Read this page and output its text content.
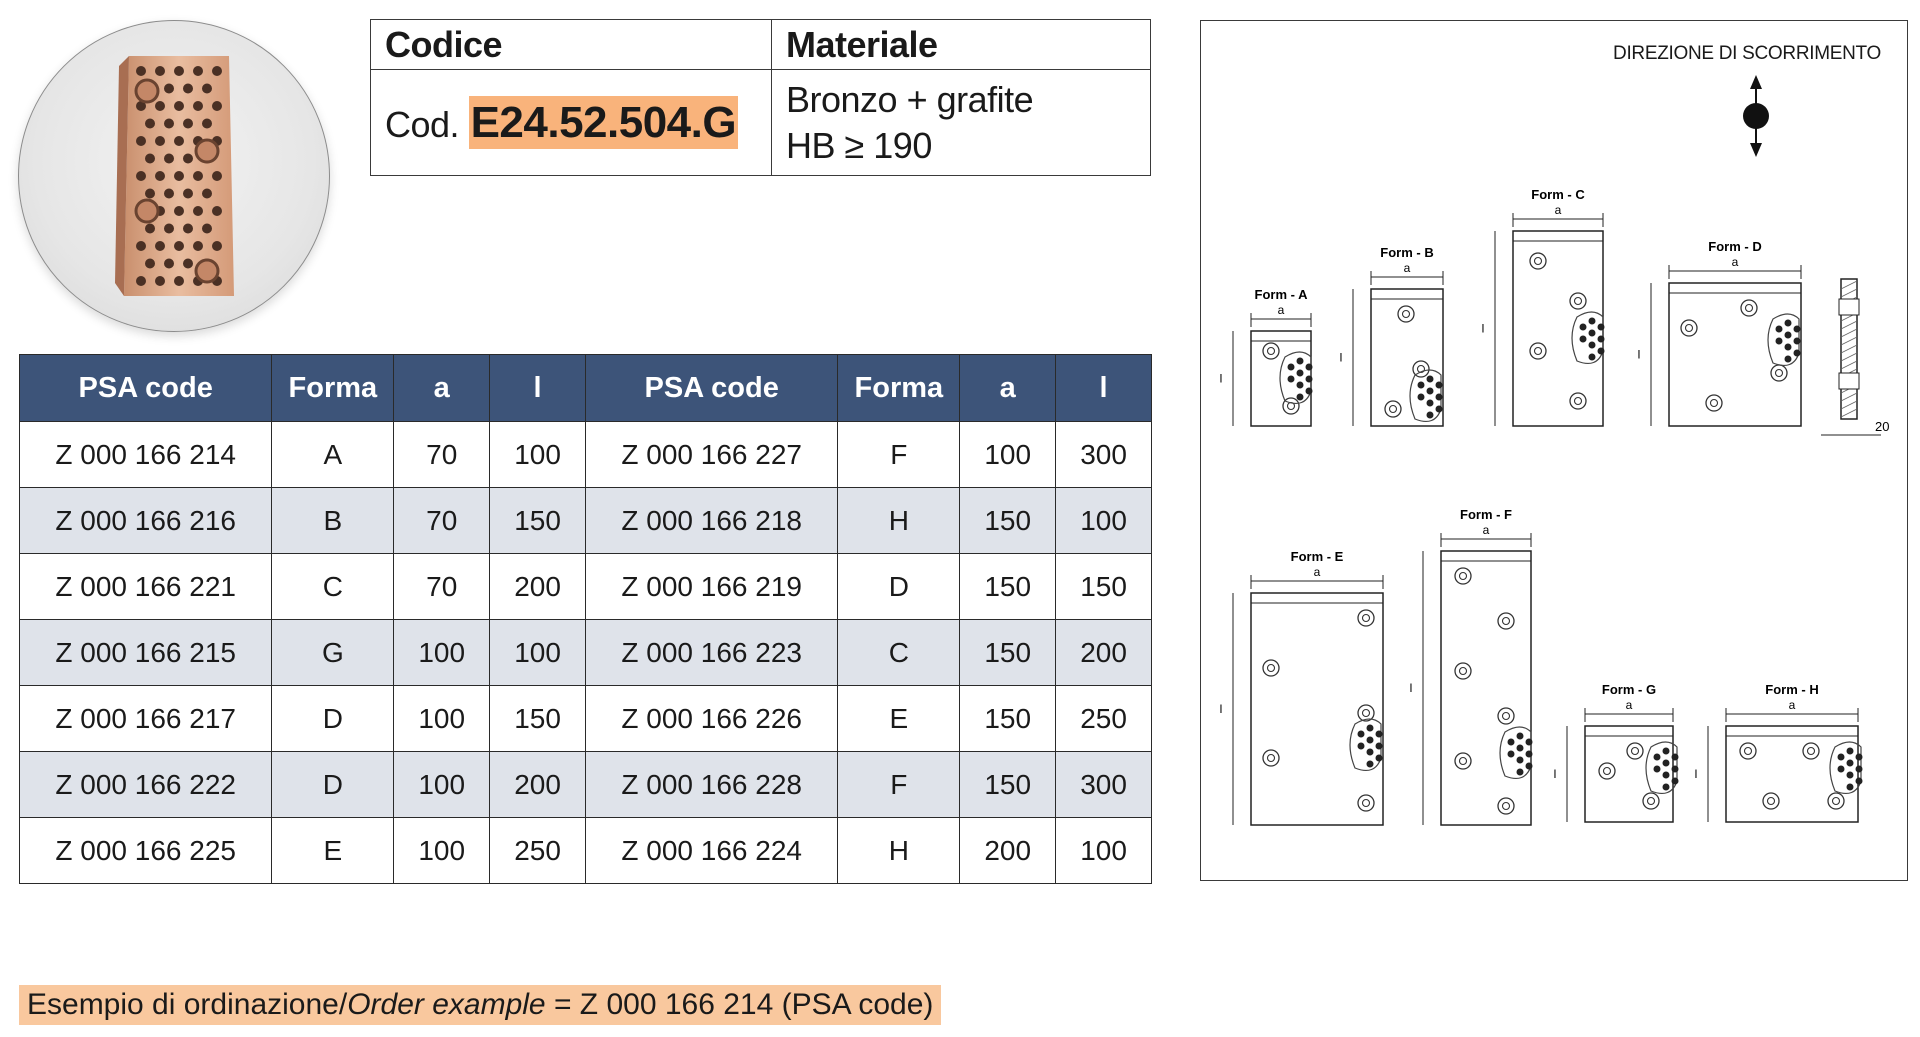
Codice	Materiale
Cod. E24.52.504.G	Bronzo + grafite
HB ≥ 190
PSA code	Forma	a	l	PSA code	Forma	a	l
Z 000 166 214	A	70	100	Z 000 166 227	F	100	300
Z 000 166 216	B	70	150	Z 000 166 218	H	150	100
Z 000 166 221	C	70	200	Z 000 166 219	D	150	150
Z 000 166 215	G	100	100	Z 000 166 223	C	150	200
Z 000 166 217	D	100	150	Z 000 166 226	E	150	250
Z 000 166 222	D	100	200	Z 000 166 228	F	150	300
Z 000 166 225	E	100	250	Z 000 166 224	H	200	100
DIREZIONE DI SCORRIMENTO
a
l
Form - A
a
l
Form - B
a
l
Form - C
a
l
Form - D
a
l
Form - E
a
l
Form - F
a
l
Form - G
a
l
Form - H
20
Esempio di ordinazione/Order example = Z 000 166 214 (PSA code)
